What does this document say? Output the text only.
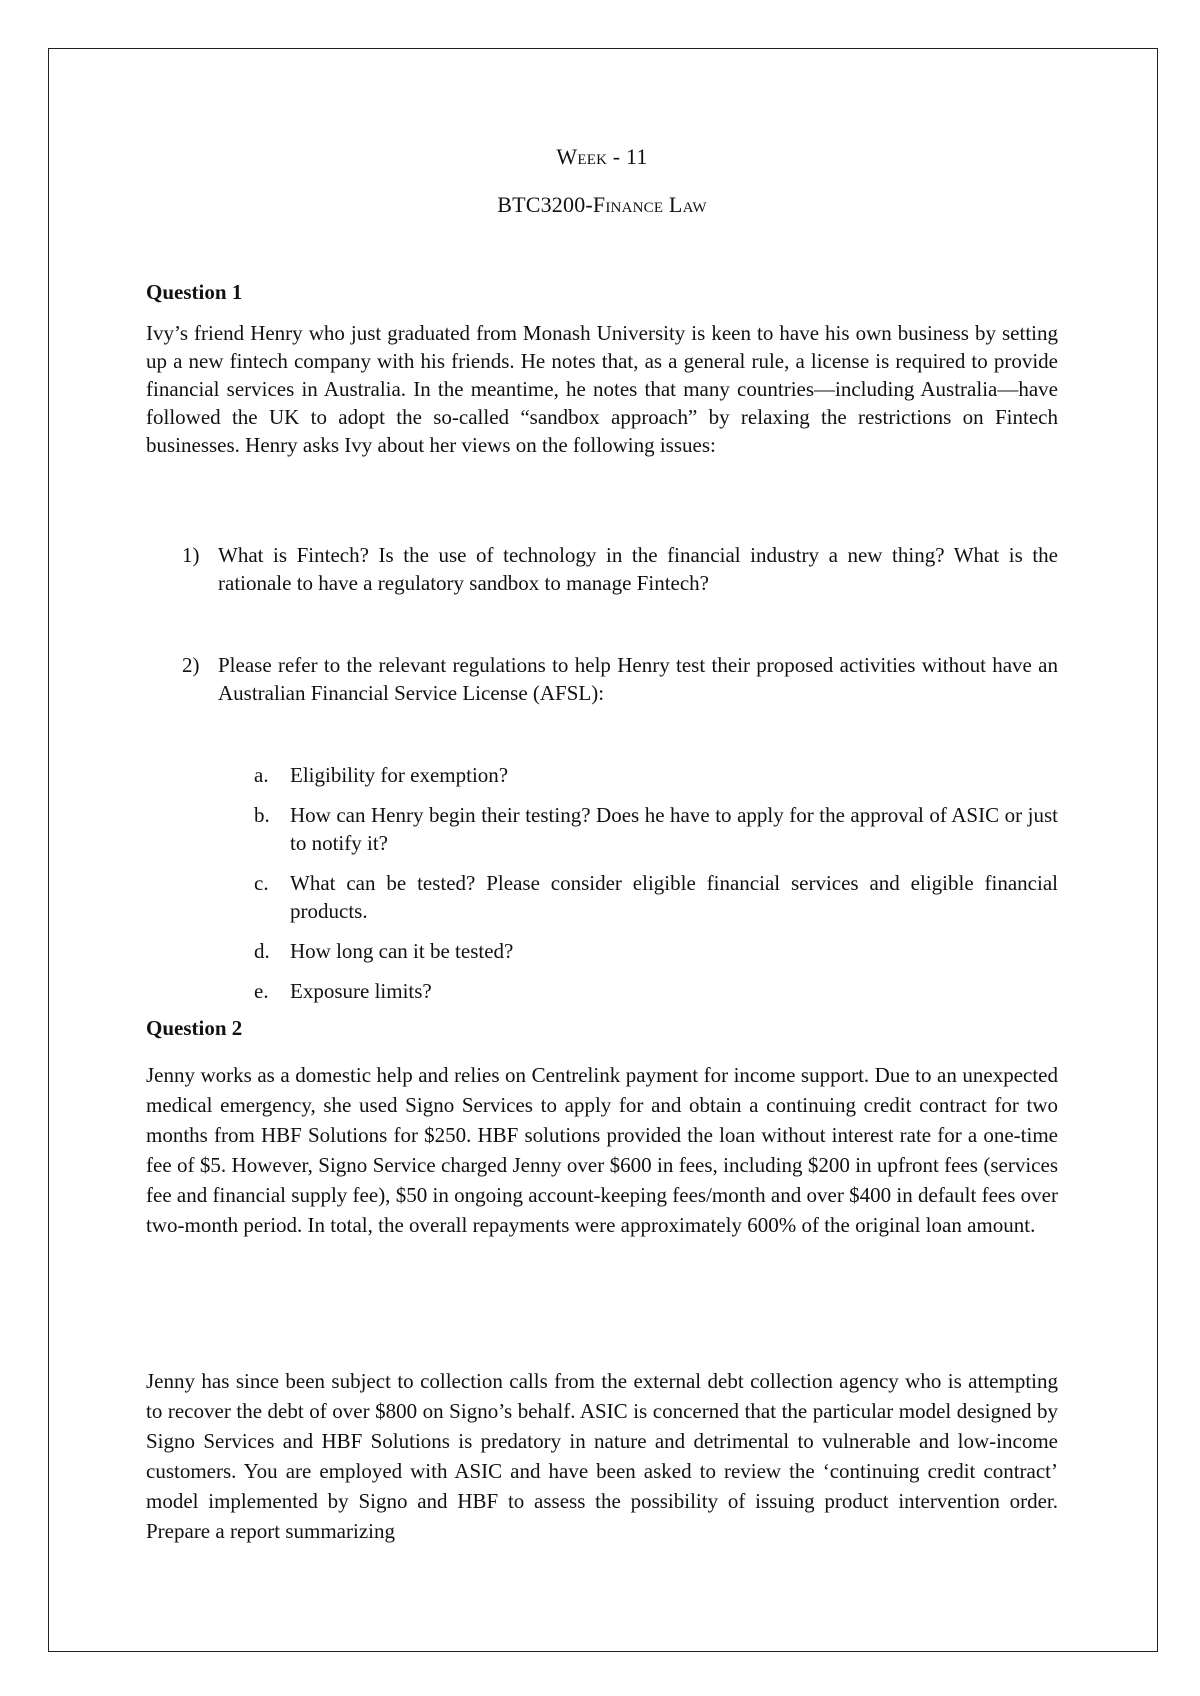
Week - 11
BTC3200-Finance Law
Question 1
Ivy’s friend Henry who just graduated from Monash University is keen to have his own business by setting up a new fintech company with his friends. He notes that, as a general rule, a license is required to provide financial services in Australia. In the meantime, he notes that many countries—including Australia—have followed the UK to adopt the so-called “sandbox approach” by relaxing the restrictions on Fintech businesses. Henry asks Ivy about her views on the following issues:
1) What is Fintech? Is the use of technology in the financial industry a new thing? What is the rationale to have a regulatory sandbox to manage Fintech?
2) Please refer to the relevant regulations to help Henry test their proposed activities without have an Australian Financial Service License (AFSL):
a. Eligibility for exemption?
b. How can Henry begin their testing? Does he have to apply for the approval of ASIC or just to notify it?
c. What can be tested? Please consider eligible financial services and eligible financial products.
d. How long can it be tested?
e. Exposure limits?
Question 2
Jenny works as a domestic help and relies on Centrelink payment for income support. Due to an unexpected medical emergency, she used Signo Services to apply for and obtain a continuing credit contract for two months from HBF Solutions for $250. HBF solutions provided the loan without interest rate for a one-time fee of $5. However, Signo Service charged Jenny over $600 in fees, including $200 in upfront fees (services fee and financial supply fee), $50 in ongoing account-keeping fees/month and over $400 in default fees over two-month period. In total, the overall repayments were approximately 600% of the original loan amount.
Jenny has since been subject to collection calls from the external debt collection agency who is attempting to recover the debt of over $800 on Signo’s behalf. ASIC is concerned that the particular model designed by Signo Services and HBF Solutions is predatory in nature and detrimental to vulnerable and low-income customers. You are employed with ASIC and have been asked to review the ‘continuing credit contract’ model implemented by Signo and HBF to assess the possibility of issuing product intervention order. Prepare a report summarizing
